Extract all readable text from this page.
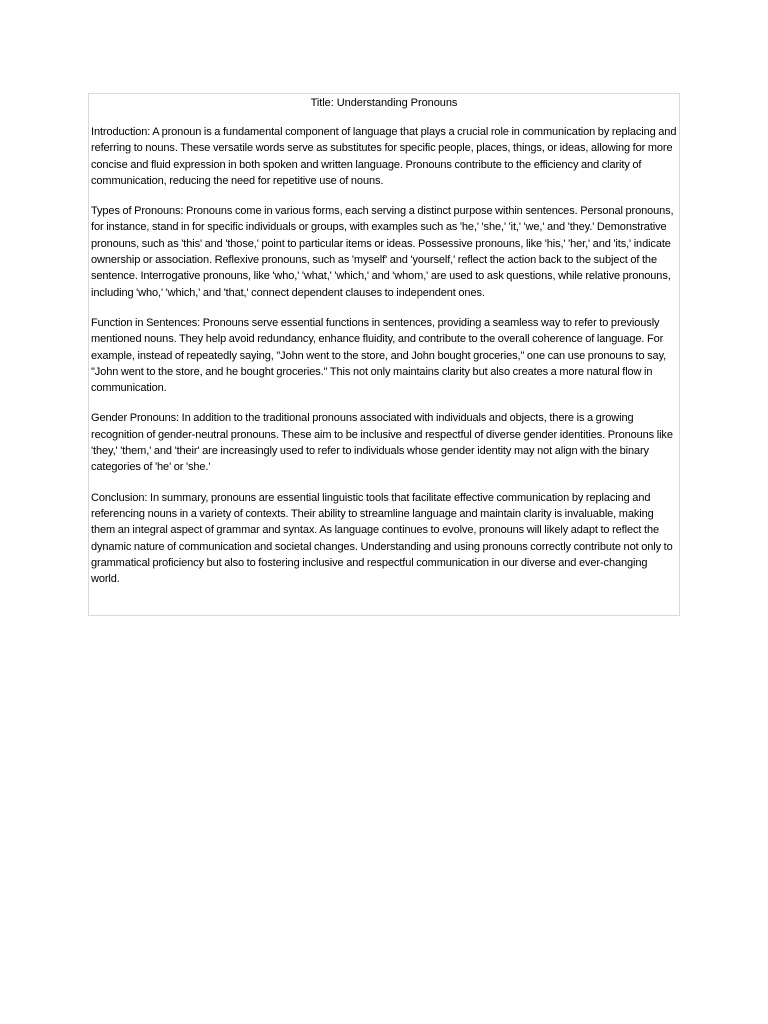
Title: Understanding Pronouns

Introduction: A pronoun is a fundamental component of language that plays a crucial role in communication by replacing and referring to nouns. These versatile words serve as substitutes for specific people, places, things, or ideas, allowing for more concise and fluid expression in both spoken and written language. Pronouns contribute to the efficiency and clarity of communication, reducing the need for repetitive use of nouns.

Types of Pronouns: Pronouns come in various forms, each serving a distinct purpose within sentences. Personal pronouns, for instance, stand in for specific individuals or groups, with examples such as 'he,' 'she,' 'it,' 'we,' and 'they.' Demonstrative pronouns, such as 'this' and 'those,' point to particular items or ideas. Possessive pronouns, like 'his,' 'her,' and 'its,' indicate ownership or association. Reflexive pronouns, such as 'myself' and 'yourself,' reflect the action back to the subject of the sentence. Interrogative pronouns, like 'who,' 'what,' 'which,' and 'whom,' are used to ask questions, while relative pronouns, including 'who,' 'which,' and 'that,' connect dependent clauses to independent ones.

Function in Sentences: Pronouns serve essential functions in sentences, providing a seamless way to refer to previously mentioned nouns. They help avoid redundancy, enhance fluidity, and contribute to the overall coherence of language. For example, instead of repeatedly saying, "John went to the store, and John bought groceries," one can use pronouns to say, "John went to the store, and he bought groceries." This not only maintains clarity but also creates a more natural flow in communication.

Gender Pronouns: In addition to the traditional pronouns associated with individuals and objects, there is a growing recognition of gender-neutral pronouns. These aim to be inclusive and respectful of diverse gender identities. Pronouns like 'they,' 'them,' and 'their' are increasingly used to refer to individuals whose gender identity may not align with the binary categories of 'he' or 'she.'

Conclusion: In summary, pronouns are essential linguistic tools that facilitate effective communication by replacing and referencing nouns in a variety of contexts. Their ability to streamline language and maintain clarity is invaluable, making them an integral aspect of grammar and syntax. As language continues to evolve, pronouns will likely adapt to reflect the dynamic nature of communication and societal changes. Understanding and using pronouns correctly contribute not only to grammatical proficiency but also to fostering inclusive and respectful communication in our diverse and ever-changing world.
